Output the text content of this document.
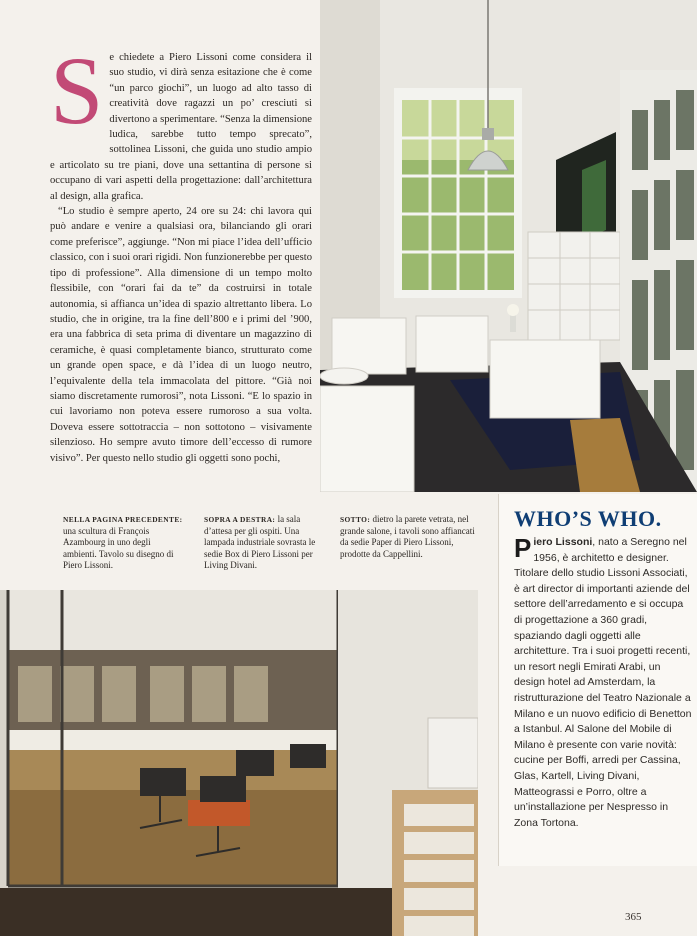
S e chiedete a Piero Lissoni come considera il suo studio, vi dirà senza esitazione che è come “un parco giochi”, un luogo ad alto tasso di creatività dove ragazzi un po’ cresciuti si divertono a sperimentare. “Senza la dimensione ludica, sarebbe tutto tempo sprecato”, sottolinea Lissoni, che guida uno studio ampio e articolato su tre piani, dove una settantina di persone si occupano di vari aspetti della progettazione: dall’architettura al design, alla grafica.

“Lo studio è sempre aperto, 24 ore su 24: chi lavora qui può andare e venire a qualsiasi ora, bilanciando gli orari come preferisce”, aggiunge. “Non mi piace l’idea dell’ufficio classico, con i suoi orari rigidi. Non funzionerebbe per questo tipo di professione”. Alla dimensione di un tempo molto flessibile, con “orari fai da te” da costruirsi in totale autonomia, si affianca un’idea di spazio altrettanto libera. Lo studio, che in origine, tra la fine dell’800 e i primi del ’900, era una fabbrica di seta prima di diventare un magazzino di ceramiche, è quasi completamente bianco, strutturato come un grande open space, e dà l’idea di un luogo neutro, l’equivalente della tela immacolata del pittore. “Già noi siamo discretamente rumorosi”, nota Lissoni. “E lo spazio in cui lavoriamo non poteva essere rumoroso a sua volta. Doveva essere sottotraccia – non sottotono – visivamente silenzioso. Ho sempre avuto timore dell’eccesso di rumore visivo”. Per questo nello studio gli oggetti sono pochi,

NELLA PAGINA PRECEDENTE: una scultura di François Azambourg in uno degli ambienti. Tavolo su disegno di Piero Lissoni.
SOPRA A DESTRA: la sala d’attesa per gli ospiti. Una lampada industriale sovrasta le sedie Box di Piero Lissoni per Living Divani.
SOTTO: dietro la parete vetrata, nel grande salone, i tavoli sono affiancati da sedie Paper di Piero Lissoni, prodotte da Cappellini.
WHO’S WHO.

Piero Lissoni, nato a Seregno nel 1956, è architetto e designer. Titolare dello studio Lissoni Associati, è art director di importanti aziende del settore dell’arredamento e si occupa di progettazione a 360 gradi, spaziando dagli oggetti alle architetture. Tra i suoi progetti recenti, un resort negli Emirati Arabi, un design hotel ad Amsterdam, la ristrutturazione del Teatro Nazionale a Milano e un nuovo edificio di Benetton a Istanbul. Al Salone del Mobile di Milano è presente con varie novità: cucine per Boffi, arredi per Cassina, Glas, Kartell, Living Divani, Matteograssi e Porro, oltre a un’installazione per Nespresso in Zona Tortona.

365
